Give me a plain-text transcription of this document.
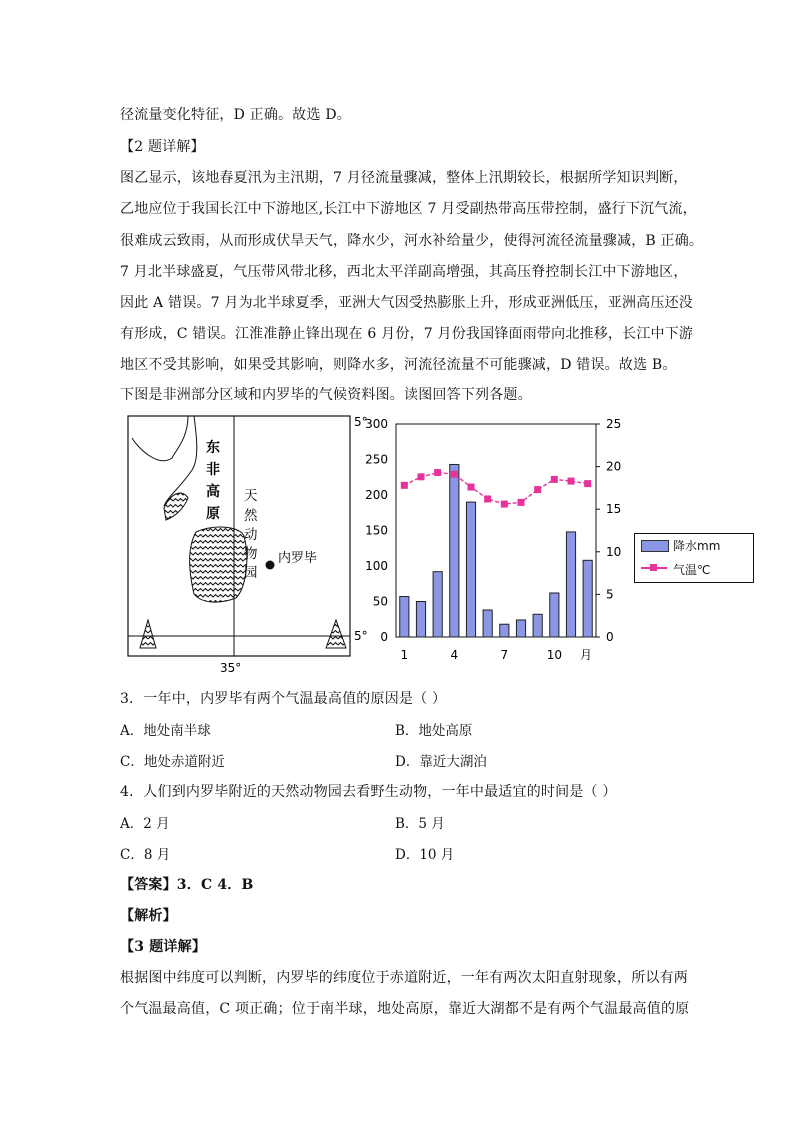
径流量变化特征，D 正确。故选 D。
【2 题详解】
图乙显示，该地春夏汛为主汛期，7 月径流量骤减，整体上汛期较长，根据所学知识判断，
乙地应位于我国长江中下游地区,长江中下游地区 7 月受副热带高压带控制，盛行下沉气流，
很难成云致雨，从而形成伏旱天气，降水少，河水补给量少，使得河流径流量骤减，B 正确。
7 月北半球盛夏，气压带风带北移，西北太平洋副高增强，其高压脊控制长江中下游地区，
因此 A 错误。7 月为北半球夏季，亚洲大气因受热膨胀上升，形成亚洲低压，亚洲高压还没
有形成，C 错误。江淮准静止锋出现在 6 月份，7 月份我国锋面雨带向北推移，长江中下游
地区不受其影响，如果受其影响，则降水多，河流径流量不可能骤减，D 错误。故选 B。
下图是非洲部分区域和内罗毕的气候资料图。读图回答下列各题。
东
非
高
原
天
然
动
物
园
内罗毕
5°
5°
35°
0
50
100
150
200
250
300
0
5
10
15
20
25
1	4	7	10 月
降水mm
气温℃
3．一年中，内罗毕有两个气温最高值的原因是（ ）
A．地处南半球	B．地处高原
C．地处赤道附近	D．靠近大湖泊
4．人们到内罗毕附近的天然动物园去看野生动物，一年中最适宜的时间是（ ）
A．2 月	B．5 月
C．8 月	D．10 月
【答案】3．C 4．B
【解析】
【3 题详解】
根据图中纬度可以判断，内罗毕的纬度位于赤道附近，一年有两次太阳直射现象，所以有两
个气温最高值，C 项正确；位于南半球，地处高原，靠近大湖都不是有两个气温最高值的原
